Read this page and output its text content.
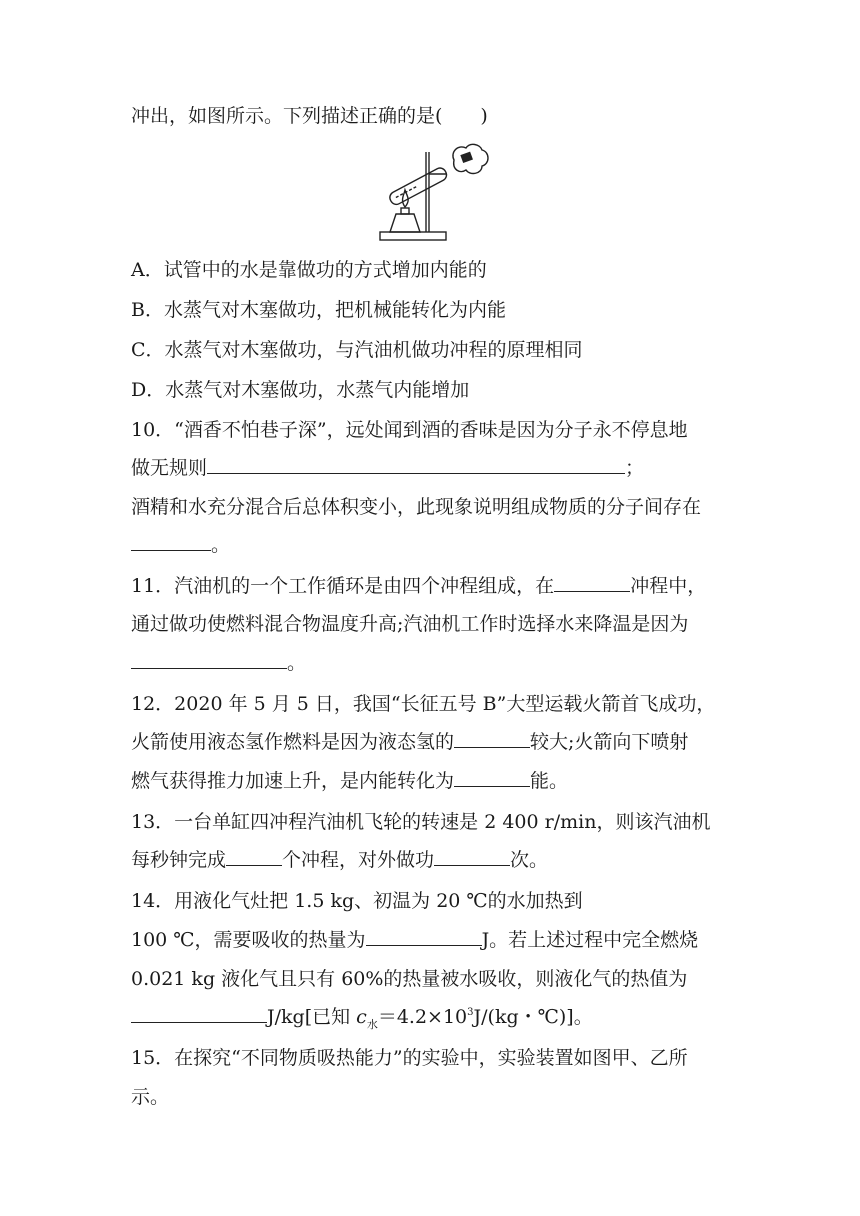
冲出，如图所示。下列描述正确的是(　　)
A．试管中的水是靠做功的方式增加内能的
B．水蒸气对木塞做功，把机械能转化为内能
C．水蒸气对木塞做功，与汽油机做功冲程的原理相同
D．水蒸气对木塞做功，水蒸气内能增加
10．“酒香不怕巷子深”，远处闻到酒的香味是因为分子永不停息地
做无规则	；
酒精和水充分混合后总体积变小，此现象说明组成物质的分子间存在
。
11．汽油机的一个工作循环是由四个冲程组成，在	冲程中，
通过做功使燃料混合物温度升高;汽油机工作时选择水来降温是因为
。
12．2020 年 5 月 5 日，我国“长征五号 B”大型运载火箭首飞成功，
火箭使用液态氢作燃料是因为液态氢的	较大;火箭向下喷射
燃气获得推力加速上升，是内能转化为	能。
13．一台单缸四冲程汽油机飞轮的转速是 2 400 r/min，则该汽油机
每秒钟完成	个冲程，对外做功	次。
14．用液化气灶把 1.5 kg、初温为 20 ℃的水加热到
100 ℃，需要吸收的热量为	J。若上述过程中完全燃烧
0.021 kg 液化气且只有 60%的热量被水吸收，则液化气的热值为
J/kg[已知 $c_水=4.2\times 10^3J/(kg$・℃)]。
15．在探究“不同物质吸热能力”的实验中，实验装置如图甲、乙所
示。
